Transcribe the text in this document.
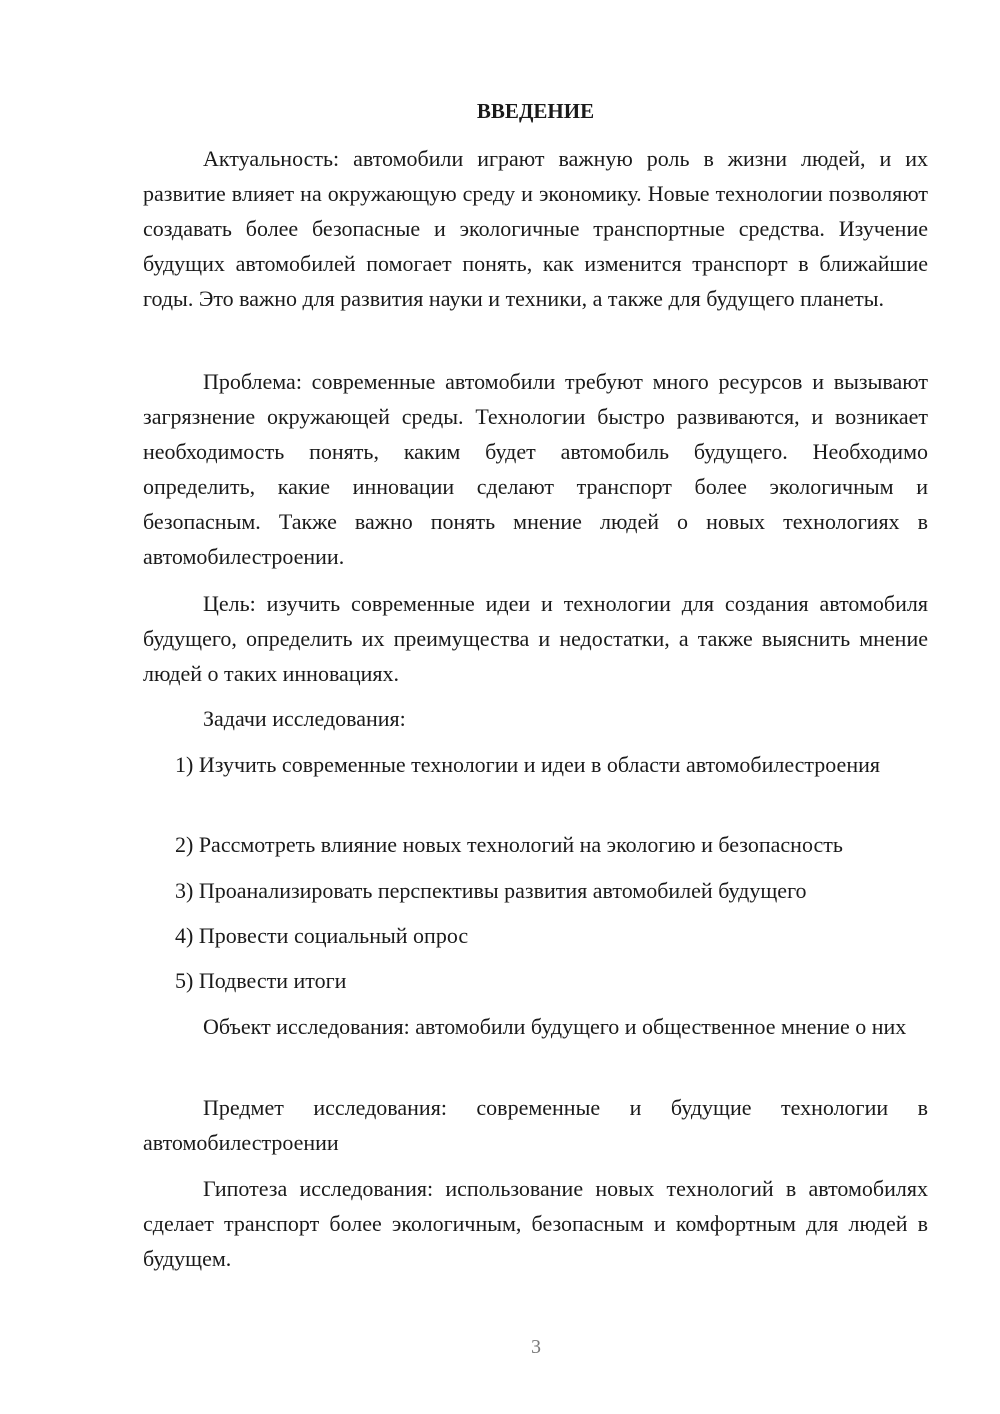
ВВЕДЕНИЕ

Актуальность: автомобили играют важную роль в жизни людей, и их развитие влияет на окружающую среду и экономику. Новые технологии позволяют создавать более безопасные и экологичные транспортные средства. Изучение будущих автомобилей помогает понять, как изменится транспорт в ближайшие годы. Это важно для развития науки и техники, а также для будущего планеты.

Проблема: современные автомобили требуют много ресурсов и вызывают загрязнение окружающей среды. Технологии быстро развиваются, и возникает необходимость понять, каким будет автомобиль будущего. Необходимо определить, какие инновации сделают транспорт более экологичным и безопасным. Также важно понять мнение людей о новых технологиях в автомобилестроении.

Цель: изучить современные идеи и технологии для создания автомобиля будущего, определить их преимущества и недостатки, а также выяснить мнение людей о таких инновациях.

Задачи исследования:

1) Изучить современные технологии и идеи в области автомобилестроения

2) Рассмотреть влияние новых технологий на экологию и безопасность

3) Проанализировать перспективы развития автомобилей будущего

4) Провести социальный опрос

5) Подвести итоги

Объект исследования: автомобили будущего и общественное мнение о них

Предмет исследования: современные и будущие технологии в автомобилестроении

Гипотеза исследования: использование новых технологий в автомобилях сделает транспорт более экологичным, безопасным и комфортным для людей в будущем.

3
